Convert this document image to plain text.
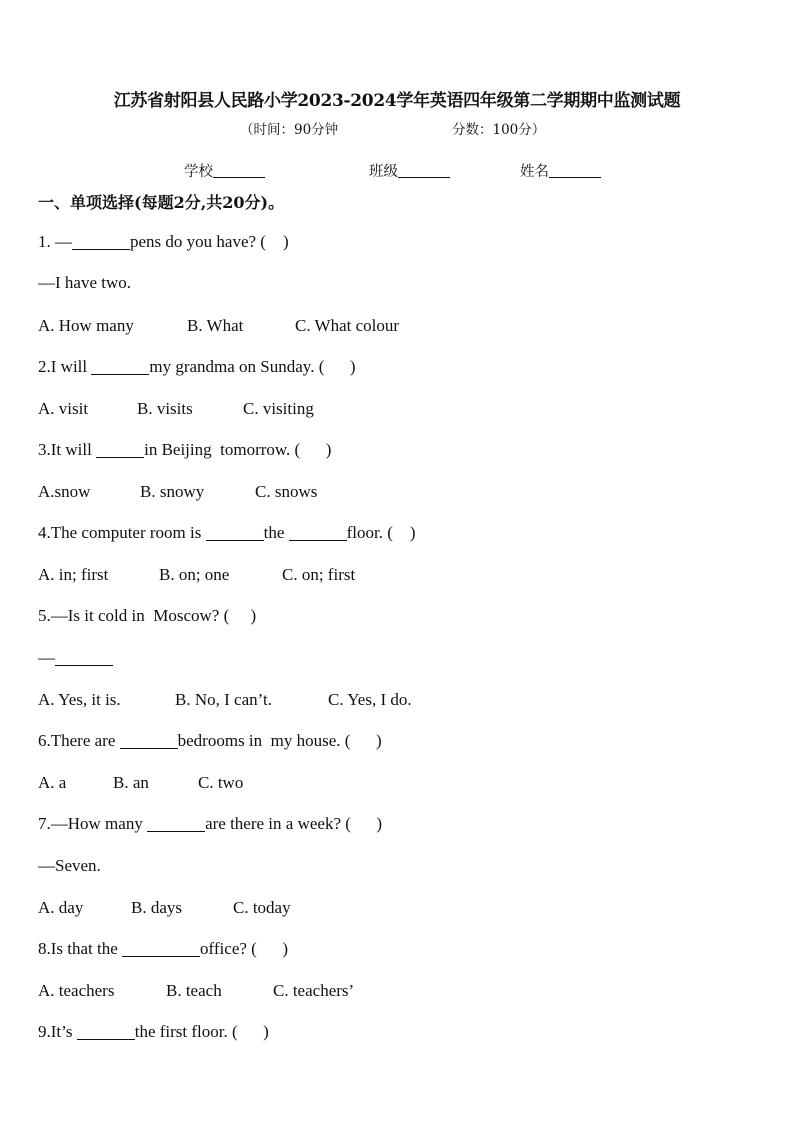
江苏省射阳县人民路小学2023-2024学年英语四年级第二学期期中监测试题
（时间：90分钟	分数：100分）
学校	班级	姓名
一、单项选择(每题2分,共20分)。
1. —	pens do you have? (    )
—I have two.
A. How many	B. What	C. What colour
2.I will	my grandma on Sunday. (      )
A. visit	B. visits	C. visiting
3.It will	in Beijing  tomorrow. (      )
A.snow	B. snowy	C. snows
4.The computer room is	the	floor. (    )
A. in; first	B. on; one	C. on; first
5.—Is it cold in  Moscow? (     )
—
A. Yes, it is.	B. No, I can’t.	C. Yes, I do.
6.There are	bedrooms in  my house. (      )
A. a	B. an	C. two
7.—How many	are there in a week? (      )
—Seven.
A. day	B. days	C. today
8.Is that the	office? (      )
A. teachers	B. teach	C. teachers’
9.It’s	the first floor. (      )
